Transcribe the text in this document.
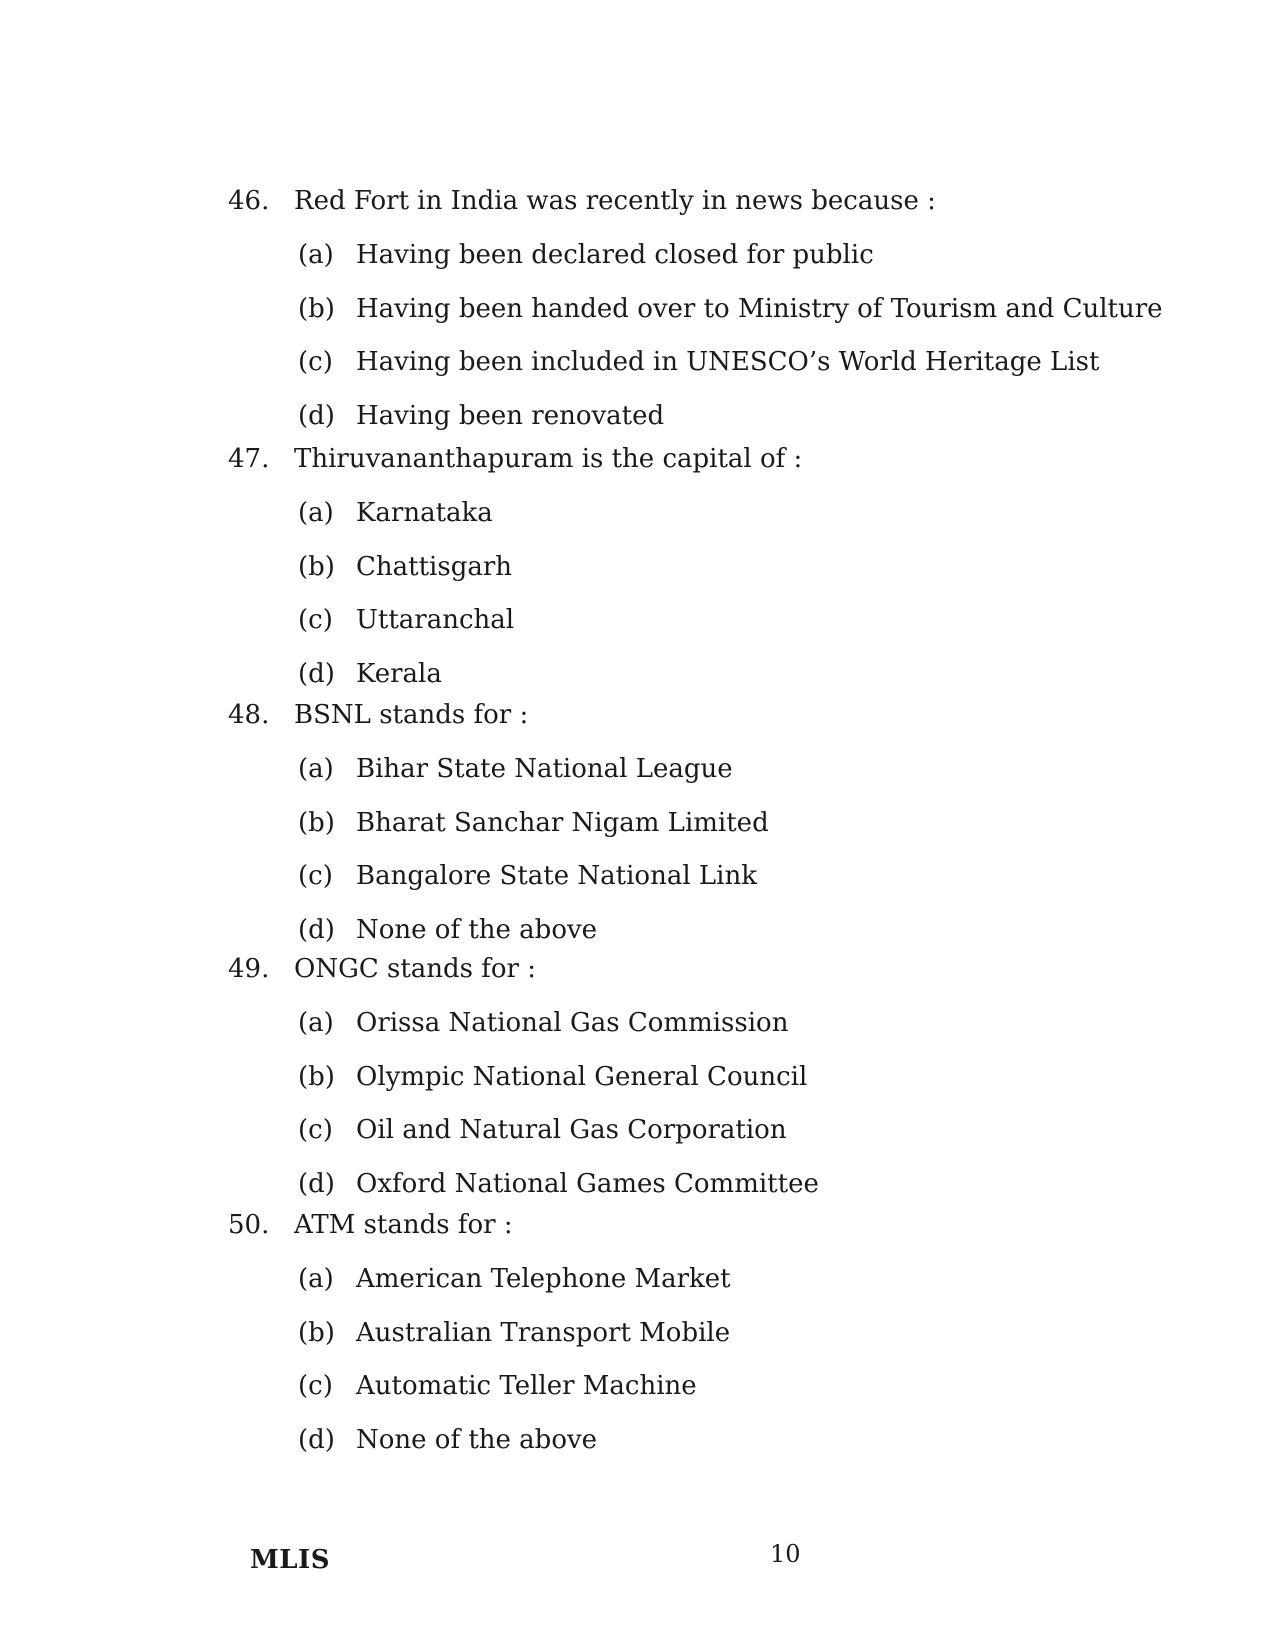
46. Red Fort in India was recently in news because :
(a) Having been declared closed for public
(b) Having been handed over to Ministry of Tourism and Culture
(c) Having been included in UNESCO’s World Heritage List
(d) Having been renovated
47. Thiruvananthapuram is the capital of :
(a) Karnataka
(b) Chattisgarh
(c) Uttaranchal
(d) Kerala
48. BSNL stands for :
(a) Bihar State National League
(b) Bharat Sanchar Nigam Limited
(c) Bangalore State National Link
(d) None of the above
49. ONGC stands for :
(a) Orissa National Gas Commission
(b) Olympic National General Council
(c) Oil and Natural Gas Corporation
(d) Oxford National Games Committee
50. ATM stands for :
(a) American Telephone Market
(b) Australian Transport Mobile
(c) Automatic Teller Machine
(d) None of the above
MLIS	10
